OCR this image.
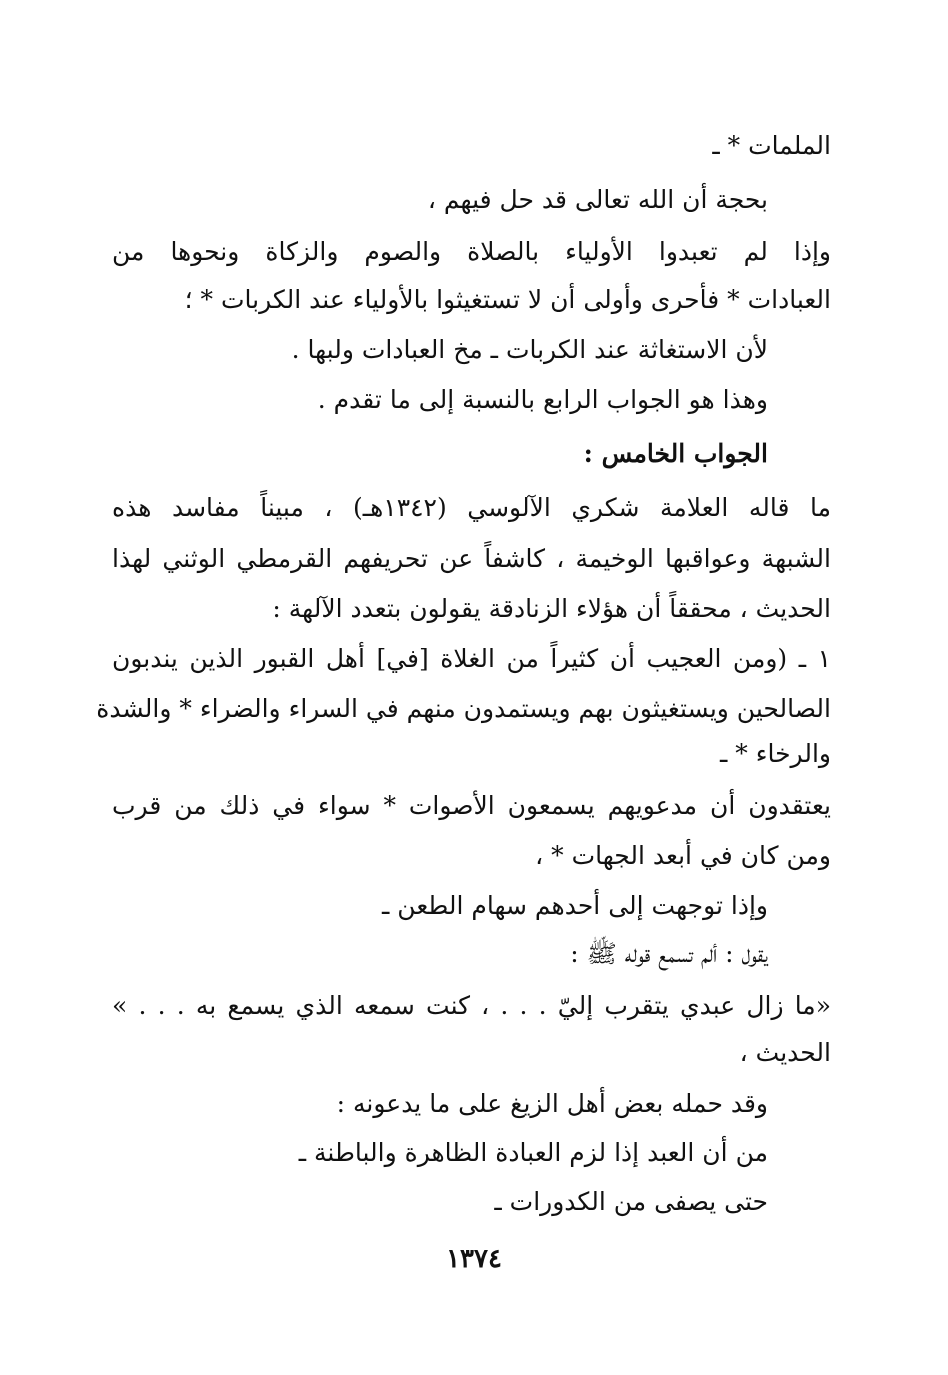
الملمات * ـ
بحجة أن الله تعالى قد حل فيهم ،
وإذا لم تعبدوا الأولياء بالصلاة والصوم والزكاة ونحوها من
العبادات * فأحرى وأولى أن لا تستغيثوا بالأولياء عند الكربات * ؛
لأن الاستغاثة عند الكربات ـ مخ العبادات ولبها .
وهذا هو الجواب الرابع بالنسبة إلى ما تقدم .
الجواب الخامس :
ما قاله العلامة شكري الآلوسي (١٣٤٢هـ) ، مبيناً مفاسد هذه
الشبهة وعواقبها الوخيمة ، كاشفاً عن تحريفهم القرمطي الوثني لهذا
الحديث ، محققاً أن هؤلاء الزنادقة يقولون بتعدد الآلهة :
١ ـ (ومن العجيب أن كثيراً من الغلاة [في] أهل القبور الذين يندبون
الصالحين ويستغيثون بهم ويستمدون منهم في السراء والضراء * والشدة
والرخاء * ـ
يعتقدون أن مدعويهم يسمعون الأصوات * سواء في ذلك من قرب
ومن كان في أبعد الجهات * ،
وإذا توجهت إلى أحدهم سهام الطعن ـ
يقول : ألم تسمع قوله ﷺ :
«ما زال عبدي يتقرب إليّ . . . ، كنت سمعه الذي يسمع به . . . »
الحديث ،
وقد حمله بعض أهل الزيغ على ما يدعونه :
من أن العبد إذا لزم العبادة الظاهرة والباطنة ـ
حتى يصفى من الكدورات ـ
١٣٧٤
